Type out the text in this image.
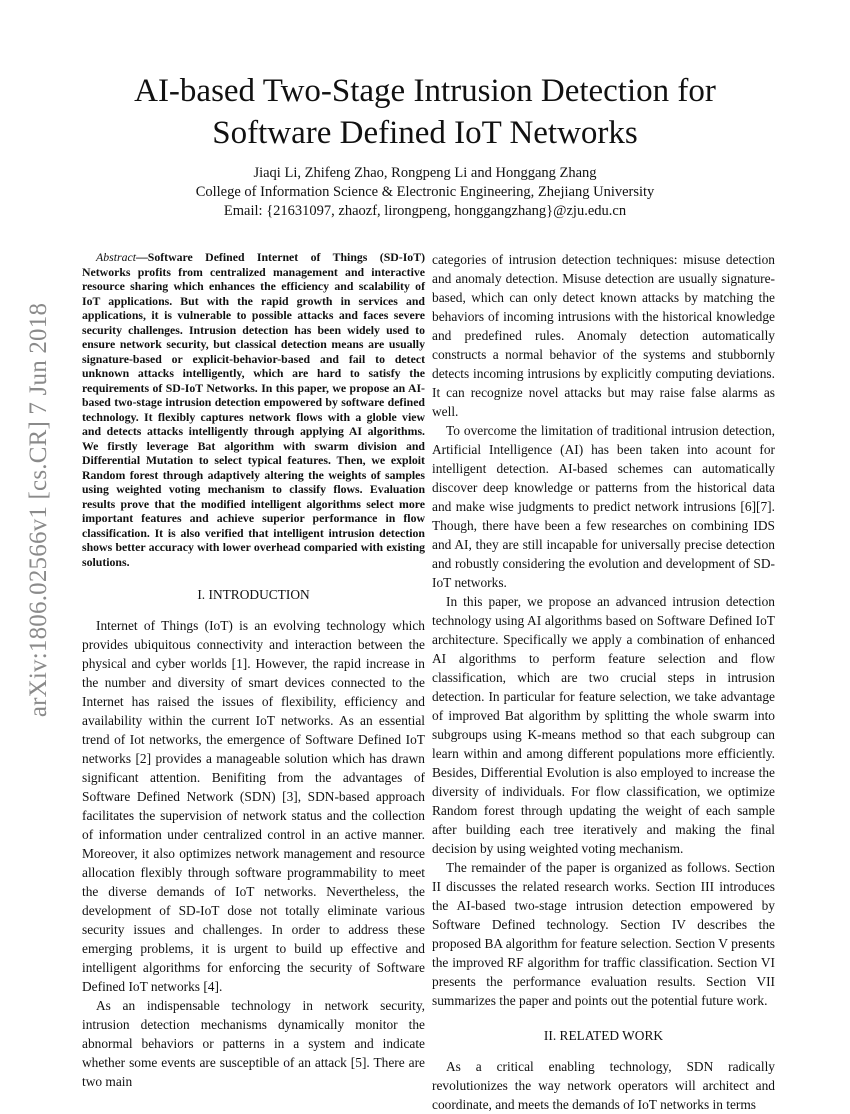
arXiv:1806.02566v1 [cs.CR] 7 Jun 2018
AI-based Two-Stage Intrusion Detection for
Software Defined IoT Networks
Jiaqi Li, Zhifeng Zhao, Rongpeng Li and Honggang Zhang
College of Information Science & Electronic Engineering, Zhejiang University
Email: {21631097, zhaozf, lirongpeng, honggangzhang}@zju.edu.cn

Abstract—Software Defined Internet of Things (SD-IoT) Networks profits from centralized management and interactive resource sharing which enhances the efficiency and scalability of IoT applications. But with the rapid growth in services and applications, it is vulnerable to possible attacks and faces severe security challenges. Intrusion detection has been widely used to ensure network security, but classical detection means are usually signature-based or explicit-behavior-based and fail to detect unknown attacks intelligently, which are hard to satisfy the requirements of SD-IoT Networks. In this paper, we propose an AI-based two-stage intrusion detection empowered by software defined technology. It flexibly captures network flows with a globle view and detects attacks intelligently through applying AI algorithms. We firstly leverage Bat algorithm with swarm division and Differential Mutation to select typical features. Then, we exploit Random forest through adaptively altering the weights of samples using weighted voting mechanism to classify flows. Evaluation results prove that the modified intelligent algorithms select more important features and achieve superior performance in flow classification. It is also verified that intelligent intrusion detection shows better accuracy with lower overhead comparied with existing solutions.

I. INTRODUCTION

Internet of Things (IoT) is an evolving technology which provides ubiquitous connectivity and interaction between the physical and cyber worlds [1]. However, the rapid increase in the number and diversity of smart devices connected to the Internet has raised the issues of flexibility, efficiency and availability within the current IoT networks. As an essential trend of Iot networks, the emergence of Software Defined IoT networks [2] provides a manageable solution which has drawn significant attention. Benifiting from the advantages of Software Defined Network (SDN) [3], SDN-based approach facilitates the supervision of network status and the collection of information under centralized control in an active manner. Moreover, it also optimizes network management and resource allocation flexibly through software programmability to meet the diverse demands of IoT networks. Nevertheless, the development of SD-IoT dose not totally eliminate various security issues and challenges. In order to address these emerging problems, it is urgent to build up effective and intelligent algorithms for enforcing the security of Software Defined IoT networks [4].

As an indispensable technology in network security, intrusion detection mechanisms dynamically monitor the abnormal behaviors or patterns in a system and indicate whether some events are susceptible of an attack [5]. There are two main

categories of intrusion detection techniques: misuse detection and anomaly detection. Misuse detection are usually signature-based, which can only detect known attacks by matching the behaviors of incoming intrusions with the historical knowledge and predefined rules. Anomaly detection automatically constructs a normal behavior of the systems and stubbornly detects incoming intrusions by explicitly computing deviations. It can recognize novel attacks but may raise false alarms as well.

To overcome the limitation of traditional intrusion detection, Artificial Intelligence (AI) has been taken into acount for intelligent detection. AI-based schemes can automatically discover deep knowledge or patterns from the historical data and make wise judgments to predict network intrusions [6][7]. Though, there have been a few researches on combining IDS and AI, they are still incapable for universally precise detection and robustly considering the evolution and development of SD-IoT networks.

In this paper, we propose an advanced intrusion detection technology using AI algorithms based on Software Defined IoT architecture. Specifically we apply a combination of enhanced AI algorithms to perform feature selection and flow classification, which are two crucial steps in intrusion detection. In particular for feature selection, we take advantage of improved Bat algorithm by splitting the whole swarm into subgroups using K-means method so that each subgroup can learn within and among different populations more efficiently. Besides, Differential Evolution is also employed to increase the diversity of individuals. For flow classification, we optimize Random forest through updating the weight of each sample after building each tree iteratively and making the final decision by using weighted voting mechanism.

The remainder of the paper is organized as follows. Section II discusses the related research works. Section III introduces the AI-based two-stage intrusion detection empowered by Software Defined technology. Section IV describes the proposed BA algorithm for feature selection. Section V presents the improved RF algorithm for traffic classification. Section VI presents the performance evaluation results. Section VII summarizes the paper and points out the potential future work.

II. RELATED WORK

As a critical enabling technology, SDN radically revolutionizes the way network operators will architect and coordinate, and meets the demands of IoT networks in terms
